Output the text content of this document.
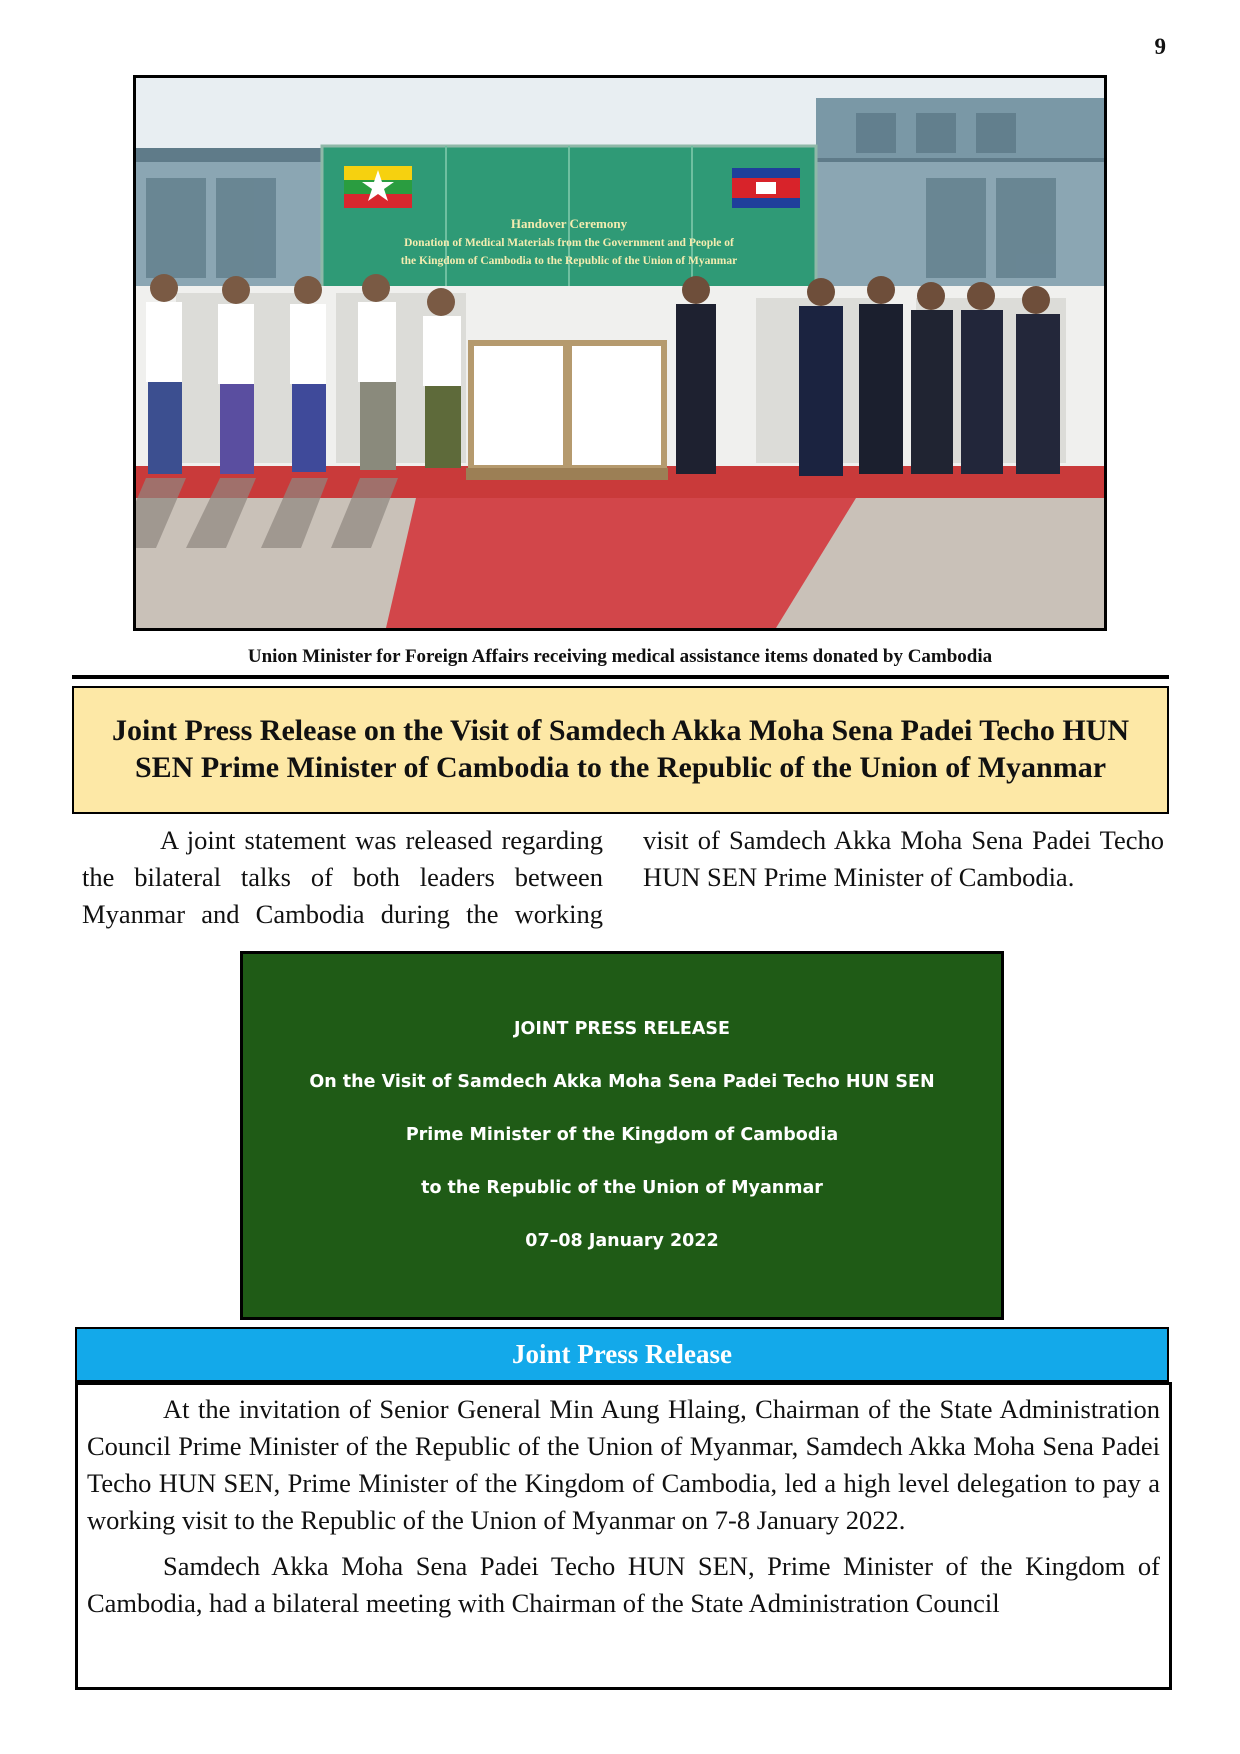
9
Handover Ceremony
Donation of Medical Materials from the Government and People of
the Kingdom of Cambodia to the Republic of the Union of Myanmar
Union Minister for Foreign Affairs receiving medical assistance items donated by Cambodia
Joint Press Release on the Visit of Samdech Akka Moha Sena Padei Techo HUN
SEN Prime Minister of Cambodia to the Republic of the Union of Myanmar

A joint statement was released regarding the bilateral talks of both leaders between Myanmar and Cambodia during the working visit of Samdech Akka Moha Sena Padei Techo HUN SEN Prime Minister of Cambodia.

JOINT PRESS RELEASE
On the Visit of Samdech Akka Moha Sena Padei Techo HUN SEN
Prime Minister of the Kingdom of Cambodia
to the Republic of the Union of Myanmar
07–08 January 2022
Joint Press Release

At the invitation of Senior General Min Aung Hlaing, Chairman of the State Administration Council Prime Minister of the Republic of the Union of Myanmar, Samdech Akka Moha Sena Padei Techo HUN SEN, Prime Minister of the Kingdom of Cambodia, led a high level delegation to pay a working visit to the Republic of the Union of Myanmar on 7-8 January 2022.

Samdech Akka Moha Sena Padei Techo HUN SEN, Prime Minister of the Kingdom of Cambodia, had a bilateral meeting with Chairman of the State Administration Council
